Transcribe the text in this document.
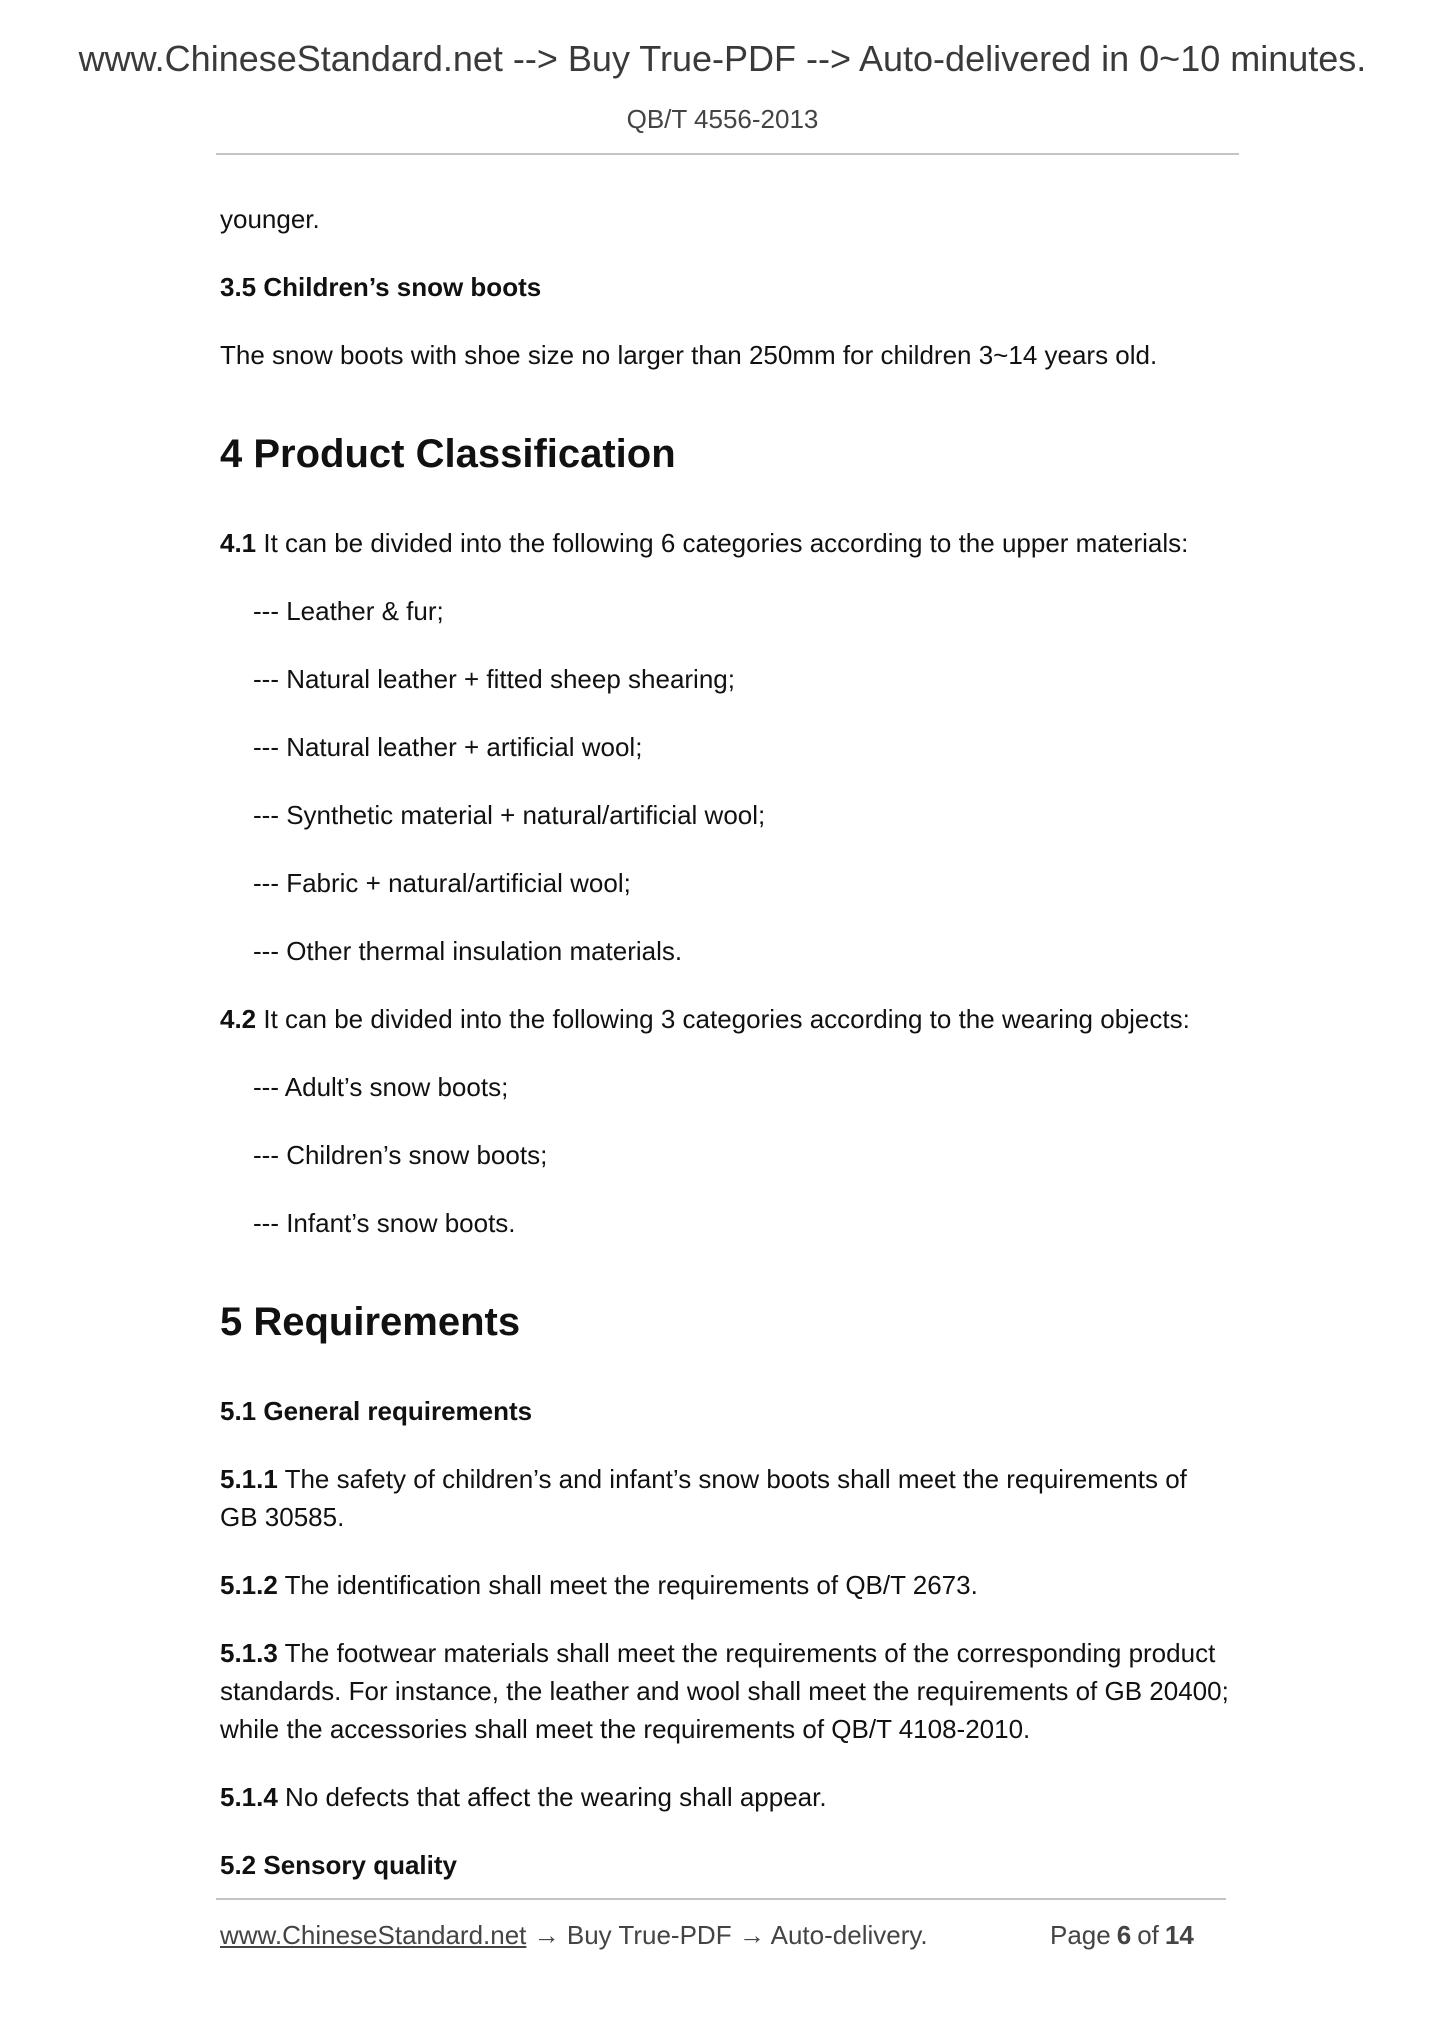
www.ChineseStandard.net --> Buy True-PDF --> Auto-delivered in 0~10 minutes.
QB/T 4556-2013
younger.
3.5 Children’s snow boots
The snow boots with shoe size no larger than 250mm for children 3~14 years old.
4 Product Classification
4.1 It can be divided into the following 6 categories according to the upper materials:
--- Leather & fur;
--- Natural leather + fitted sheep shearing;
--- Natural leather + artificial wool;
--- Synthetic material + natural/artificial wool;
--- Fabric + natural/artificial wool;
--- Other thermal insulation materials.
4.2 It can be divided into the following 3 categories according to the wearing objects:
--- Adult’s snow boots;
--- Children’s snow boots;
--- Infant’s snow boots.
5 Requirements
5.1 General requirements
5.1.1 The safety of children’s and infant’s snow boots shall meet the requirements of
GB 30585.
5.1.2 The identification shall meet the requirements of QB/T 2673.
5.1.3 The footwear materials shall meet the requirements of the corresponding product
standards. For instance, the leather and wool shall meet the requirements of GB 20400;
while the accessories shall meet the requirements of QB/T 4108-2010.
5.1.4 No defects that affect the wearing shall appear.
5.2 Sensory quality
www.ChineseStandard.net → Buy True-PDF → Auto-delivery.	Page 6 of 14
